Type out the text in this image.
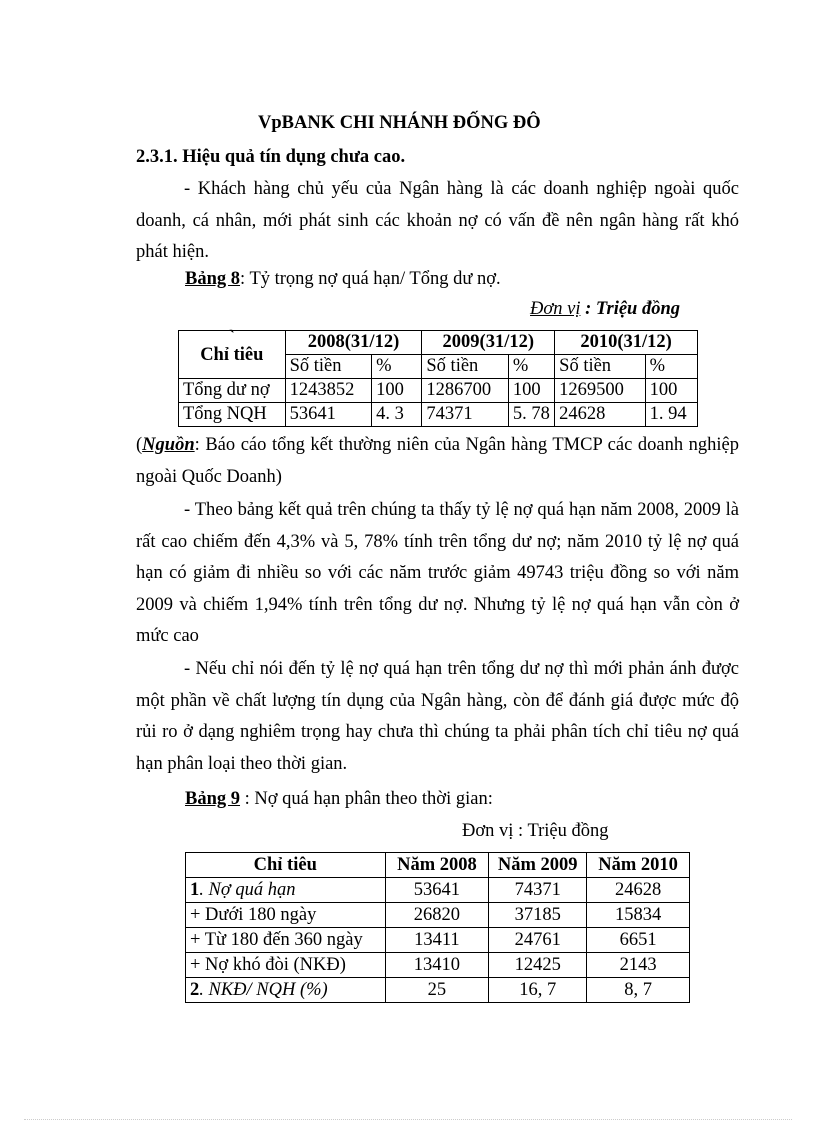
VpBANK CHI NHÁNH ĐỐNG ĐÔ
2.3.1. Hiệu quả tín dụng chưa cao.

- Khách hàng chủ yếu của Ngân hàng là các doanh nghiệp ngoài quốc doanh, cá nhân, mới phát sinh các khoản nợ có vấn đề nên ngân hàng rất khó phát hiện.

Bảng 8: Tỷ trọng nợ quá hạn/ Tổng dư nợ.
Đơn vị : Triệu đồng
`
Chỉ tiêu	2008(31/12)		2009(31/12)		2010(31/12)	
	Số tiền	%	Số tiền	%	Số tiền	%
Tổng dư nợ	1243852	100	1286700	100	1269500	100
Tổng NQH	53641	4. 3	74371	5. 78	24628	1. 94
(Nguồn: Báo cáo tổng kết thường niên của Ngân hàng TMCP các doanh nghiệp ngoài Quốc Doanh)

- Theo bảng kết quả trên chúng ta thấy tỷ lệ nợ quá hạn năm 2008, 2009 là rất cao chiếm đến 4,3% và 5, 78% tính trên tổng dư nợ; năm 2010 tỷ lệ nợ quá hạn có giảm đi nhiều so với các năm trước giảm 49743 triệu đồng so với năm 2009 và chiếm 1,94% tính trên tổng dư nợ. Nhưng tỷ lệ nợ quá hạn vẫn còn ở mức cao

- Nếu chỉ nói đến tỷ lệ nợ quá hạn trên tổng dư nợ thì mới phản ánh được một phần về chất lượng tín dụng của Ngân hàng, còn để đánh giá được mức độ rủi ro ở dạng nghiêm trọng hay chưa thì chúng ta phải phân tích chỉ tiêu nợ quá hạn phân loại theo thời gian.

Bảng 9 : Nợ quá hạn phân theo thời gian:
Đơn vị : Triệu đồng
Chỉ tiêu	Năm 2008	Năm 2009	Năm 2010
1. Nợ quá hạn	53641	74371	24628
+ Dưới 180 ngày	26820	37185	15834
+ Từ 180 đến 360 ngày	13411	24761	6651
+ Nợ khó đòi (NKĐ)	13410	12425	2143
2. NKĐ/ NQH (%)	25	16, 7	8, 7
